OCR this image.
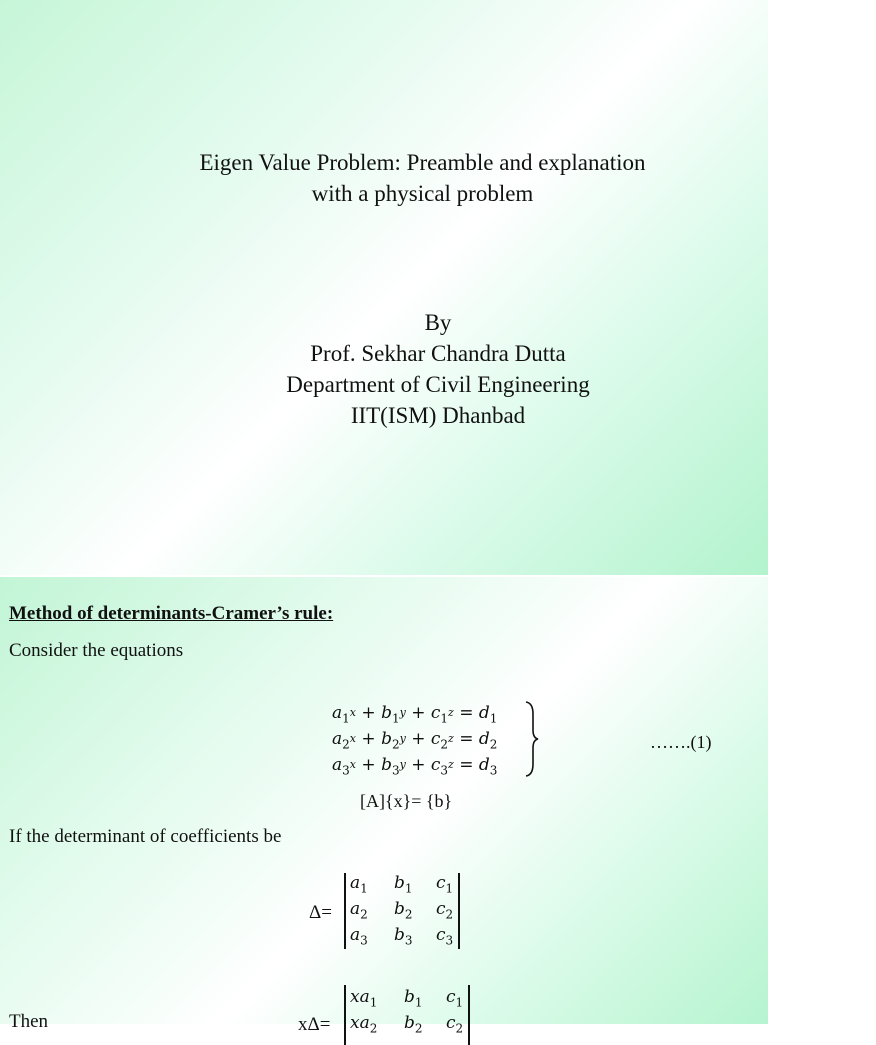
Eigen Value Problem: Preamble and explanation
with a physical problem
By
Prof. Sekhar Chandra Dutta
Department of Civil Engineering
IIT(ISM) Dhanbad
Method of determinants-Cramer’s rule:
Consider the equations
$a_1x + b_1y + c_1z = d_1$
$a_2x + b_2y + c_2z = d_2$
$a_3x + b_3y + c_3z = d_3$
…….(1)
[A]{x}= {b}
If the determinant of coefficients be
Δ=
$a_1$ $b_1$ $c_1$
$a_2$ $b_2$ $c_2$
$a_3$ $b_3$ $c_3$
Then	xΔ=
$xa_1$ $b_1$ $c_1$
$xa_2$ $b_2$ $c_2$
